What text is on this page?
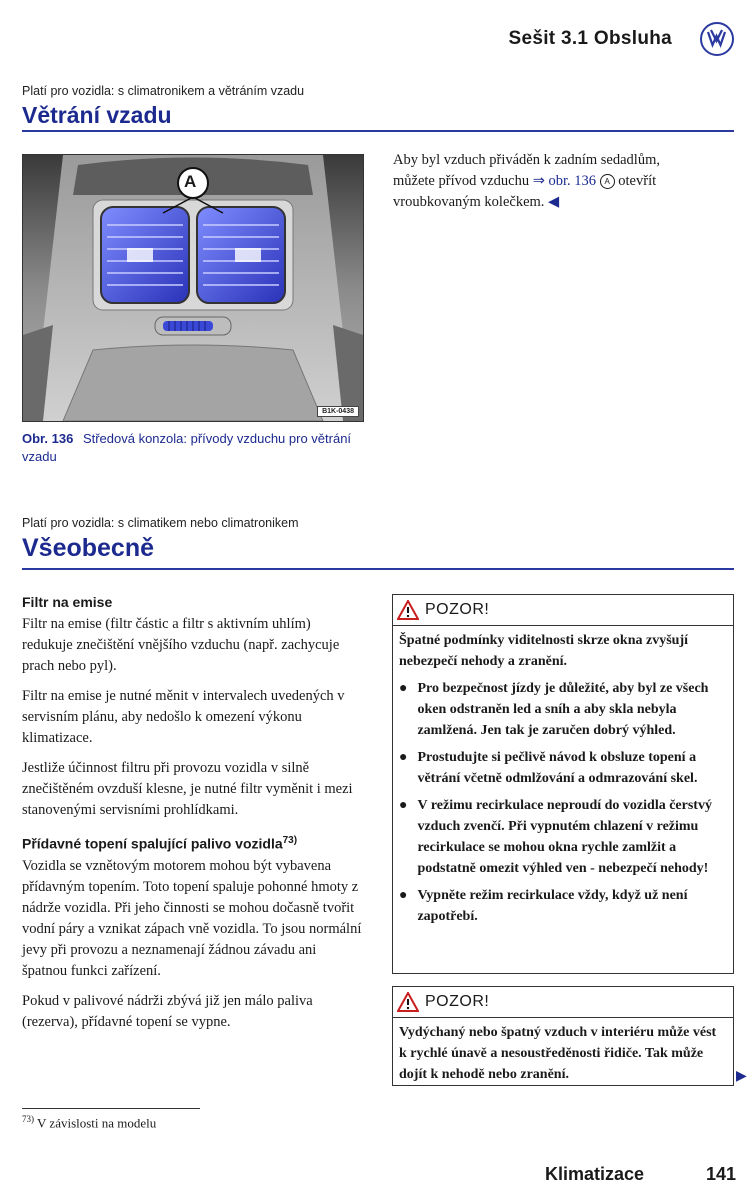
Sešit 3.1 Obsluha
Platí pro vozidla: s climatronikem a větráním vzadu
Větrání vzadu
A
B1K-0438
Obr. 136 Středová konzola: přívody vzduchu pro větrání vzadu
Aby byl vzduch přiváděn k zadním sedadlům,
můžete přívod vzduchu ⇒ obr. 136 A otevřít
vroubkovaným kolečkem. ◀
Platí pro vozidla: s climatikem nebo climatronikem
Všeobecně
Filtr na emise
Filtr na emise (filtr částic a filtr s aktivním uhlím) redukuje znečištění vnějšího vzduchu (např. zachycuje prach nebo pyl).
Filtr na emise je nutné měnit v intervalech uvedených v servisním plánu, aby nedošlo k omezení výkonu klimatizace.
Jestliže účinnost filtru při provozu vozidla v silně znečištěném ovzduší klesne, je nutné filtr vyměnit i mezi stanovenými servisními prohlídkami.
Přídavné topení spalující palivo vozidla$^{73)}$
Vozidla se vznětovým motorem mohou být vybavena přídavným topením. Toto topení spaluje pohonné hmoty z nádrže vozidla. Při jeho činnosti se mohou dočasně tvořit vodní páry a vznikat zápach vně vozidla. To jsou normální jevy při provozu a neznamenají žádnou závadu ani špatnou funkci zařízení.
Pokud v palivové nádrži zbývá již jen málo paliva (rezerva), přídavné topení se vypne.
POZOR!

Špatné podmínky viditelnosti skrze okna zvyšují nebezpečí nehody a zranění.

● Pro bezpečnost jízdy je důležité, aby byl ze všech oken odstraněn led a sníh a aby skla nebyla zamlžená. Jen tak je zaručen dobrý výhled.
● Prostudujte si pečlivě návod k obsluze topení a větrání včetně odmlžování a odmrazování skel.
● V režimu recirkulace neproudí do vozidla čerstvý vzduch zvenčí. Při vypnutém chlazení v režimu recirkulace se mohou okna rychle zamlžit a podstatně omezit výhled ven - nebezpečí nehody!
● Vypněte režim recirkulace vždy, když už není zapotřebí.
POZOR!
Vydýchaný nebo špatný vzduch v interiéru může vést k rychlé únavě a nesoustředěnosti řidiče. Tak může dojít k nehodě nebo zranění.	▶
$^{73)}$ V závislosti na modelu
Klimatizace	141
